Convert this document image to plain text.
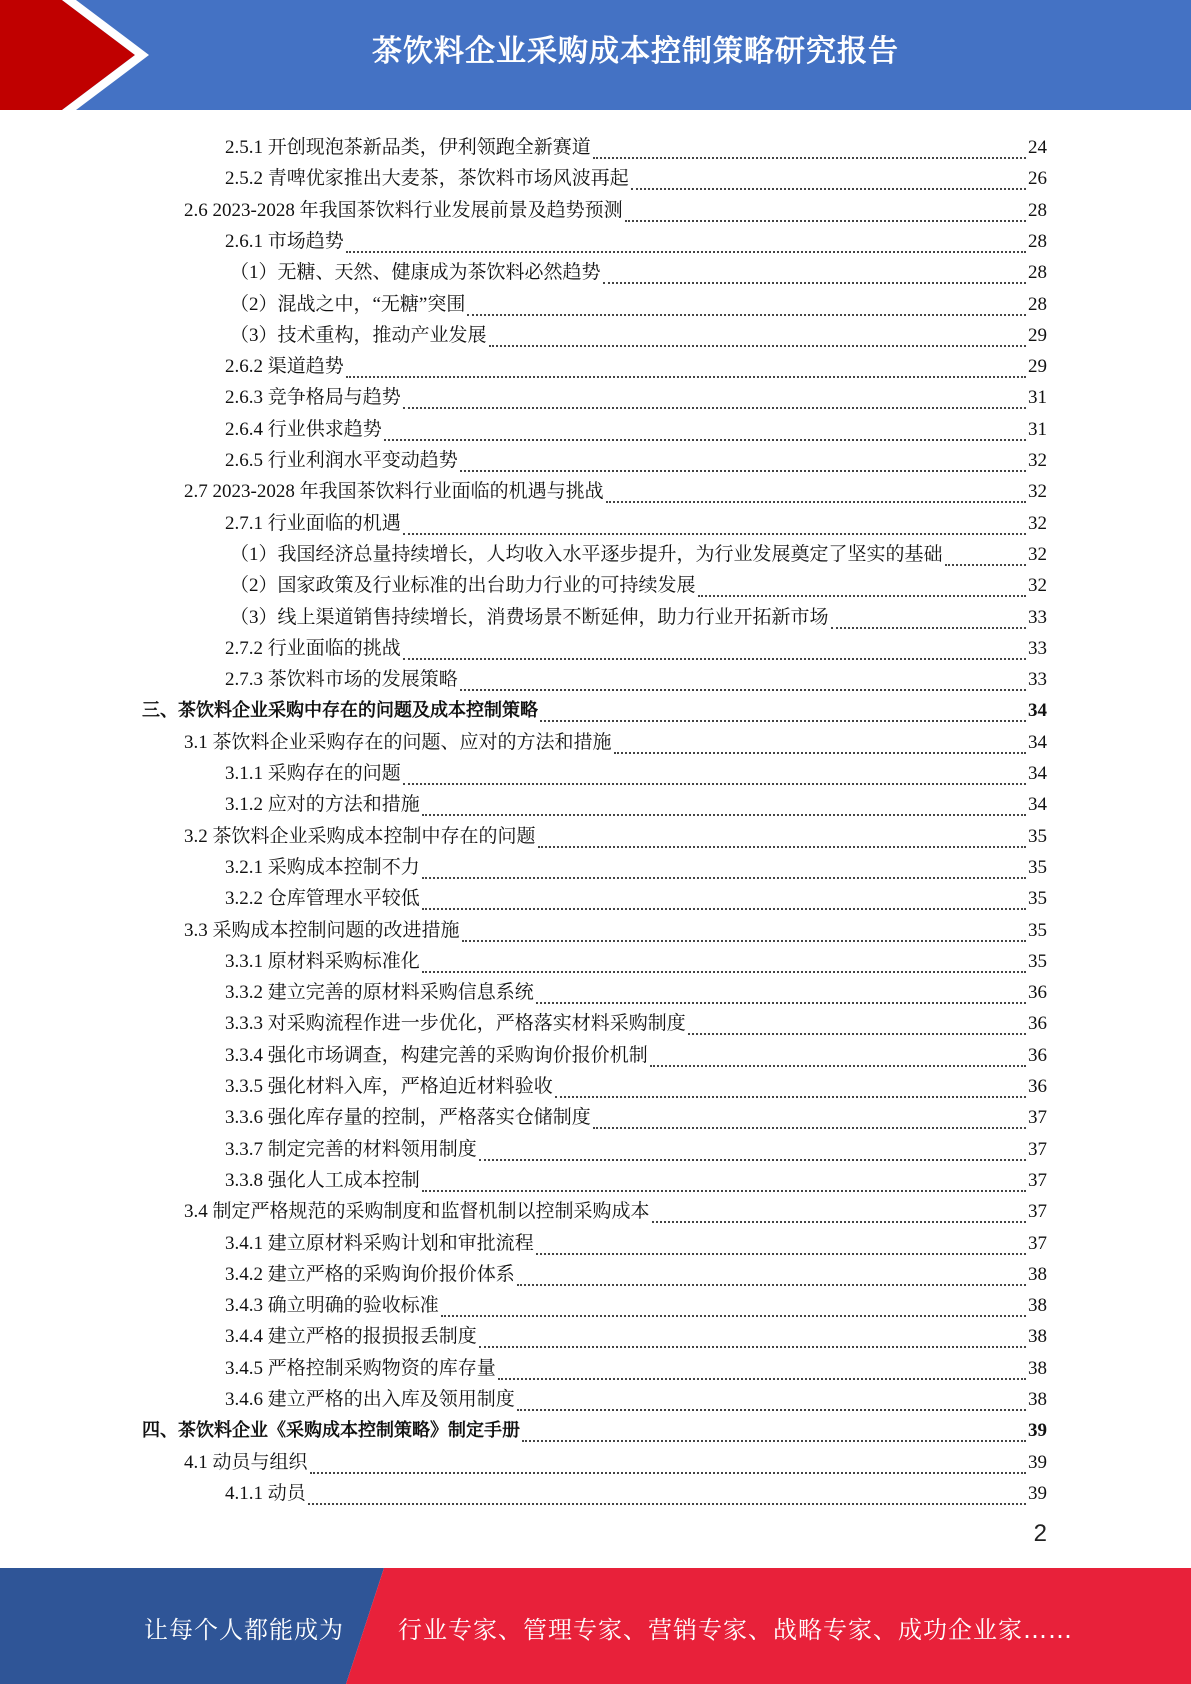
茶饮料企业采购成本控制策略研究报告
2.5.1 开创现泡茶新品类，伊利领跑全新赛道	24
2.5.2 青啤优家推出大麦茶，茶饮料市场风波再起	26
2.6 2023-2028 年我国茶饮料行业发展前景及趋势预测	28
2.6.1 市场趋势	28
（1）无糖、天然、健康成为茶饮料必然趋势	28
（2）混战之中，“无糖”突围	28
（3）技术重构，推动产业发展	29
2.6.2 渠道趋势	29
2.6.3 竞争格局与趋势	31
2.6.4 行业供求趋势	31
2.6.5 行业利润水平变动趋势	32
2.7 2023-2028 年我国茶饮料行业面临的机遇与挑战	32
2.7.1 行业面临的机遇	32
（1）我国经济总量持续增长，人均收入水平逐步提升，为行业发展奠定了坚实的基础	32
（2）国家政策及行业标准的出台助力行业的可持续发展	32
（3）线上渠道销售持续增长，消费场景不断延伸，助力行业开拓新市场	33
2.7.2 行业面临的挑战	33
2.7.3 茶饮料市场的发展策略	33
三、茶饮料企业采购中存在的问题及成本控制策略	34
3.1 茶饮料企业采购存在的问题、应对的方法和措施	34
3.1.1 采购存在的问题	34
3.1.2 应对的方法和措施	34
3.2 茶饮料企业采购成本控制中存在的问题	35
3.2.1 采购成本控制不力	35
3.2.2 仓库管理水平较低	35
3.3 采购成本控制问题的改进措施	35
3.3.1 原材料采购标准化	35
3.3.2 建立完善的原材料采购信息系统	36
3.3.3 对采购流程作进一步优化，严格落实材料采购制度	36
3.3.4 强化市场调查，构建完善的采购询价报价机制	36
3.3.5 强化材料入库，严格迫近材料验收	36
3.3.6 强化库存量的控制，严格落实仓储制度	37
3.3.7 制定完善的材料领用制度	37
3.3.8 强化人工成本控制	37
3.4 制定严格规范的采购制度和监督机制以控制采购成本	37
3.4.1 建立原材料采购计划和审批流程	37
3.4.2 建立严格的采购询价报价体系	38
3.4.3 确立明确的验收标准	38
3.4.4 建立严格的报损报丢制度	38
3.4.5 严格控制采购物资的库存量	38
3.4.6 建立严格的出入库及领用制度	38
四、茶饮料企业《采购成本控制策略》制定手册	39
4.1 动员与组织	39
4.1.1 动员	39
2
让每个人都能成为 行业专家、管理专家、营销专家、战略专家、成功企业家……
